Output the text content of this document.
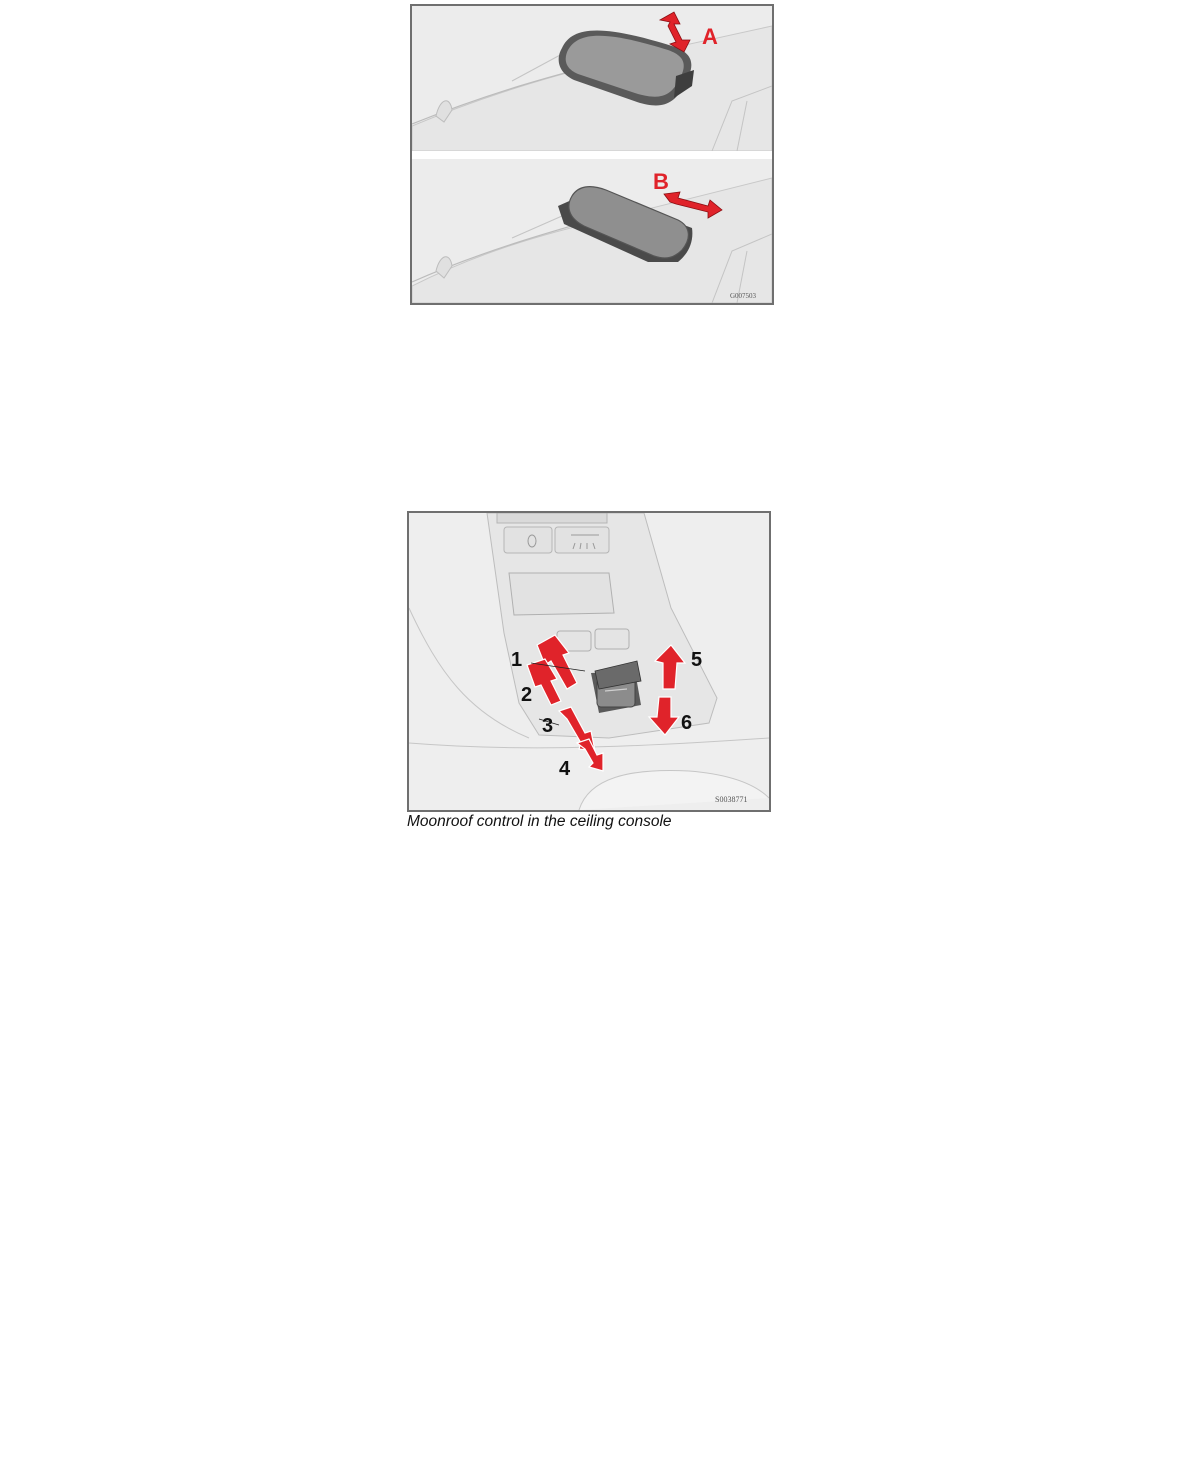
A
B
G007503
1
2
3
4
5
6
S0038771
Moonroof control in the ceiling console
